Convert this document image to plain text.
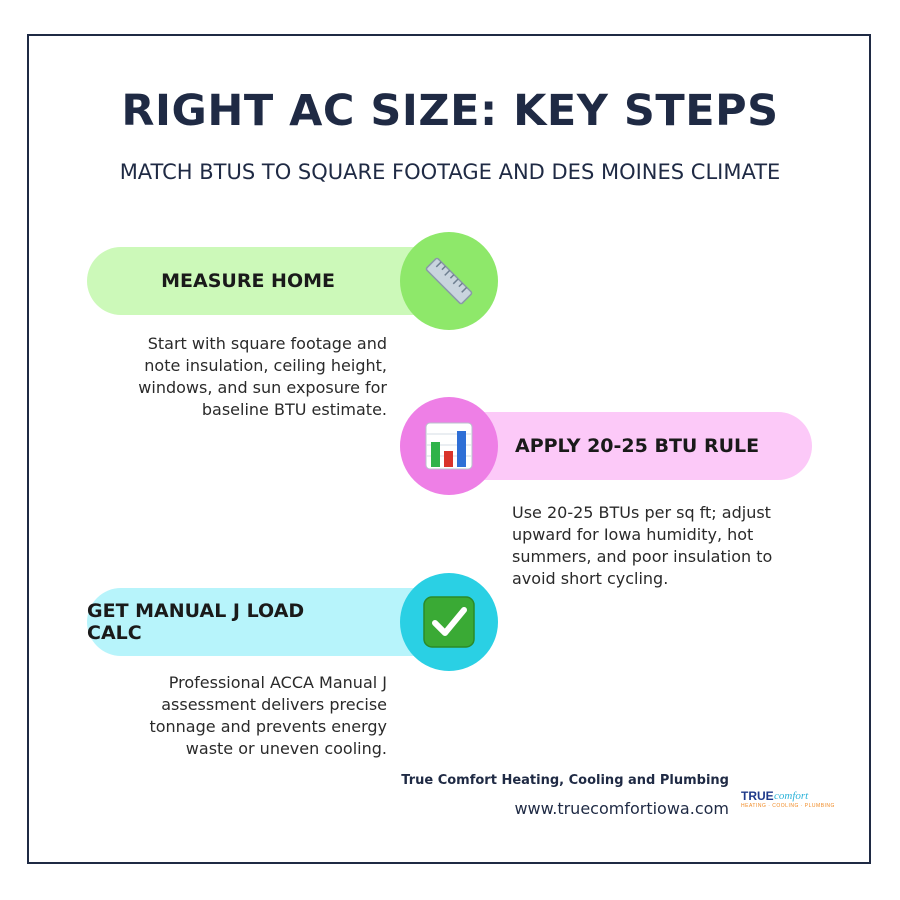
RIGHT AC SIZE: KEY STEPS

MATCH BTUS TO SQUARE FOOTAGE AND DES MOINES CLIMATE

MEASURE HOME

Start with square footage and
note insulation, ceiling height,
windows, and sun exposure for
baseline BTU estimate.

APPLY 20-25 BTU RULE

Use 20-25 BTUs per sq ft; adjust
upward for Iowa humidity, hot
summers, and poor insulation to
avoid short cycling.

GET MANUAL J LOAD CALC

Professional ACCA Manual J
assessment delivers precise
tonnage and prevents energy
waste or uneven cooling.

True Comfort Heating, Cooling and Plumbing
www.truecomfortiowa.com
TRUE comfort
HEATING · COOLING · PLUMBING
